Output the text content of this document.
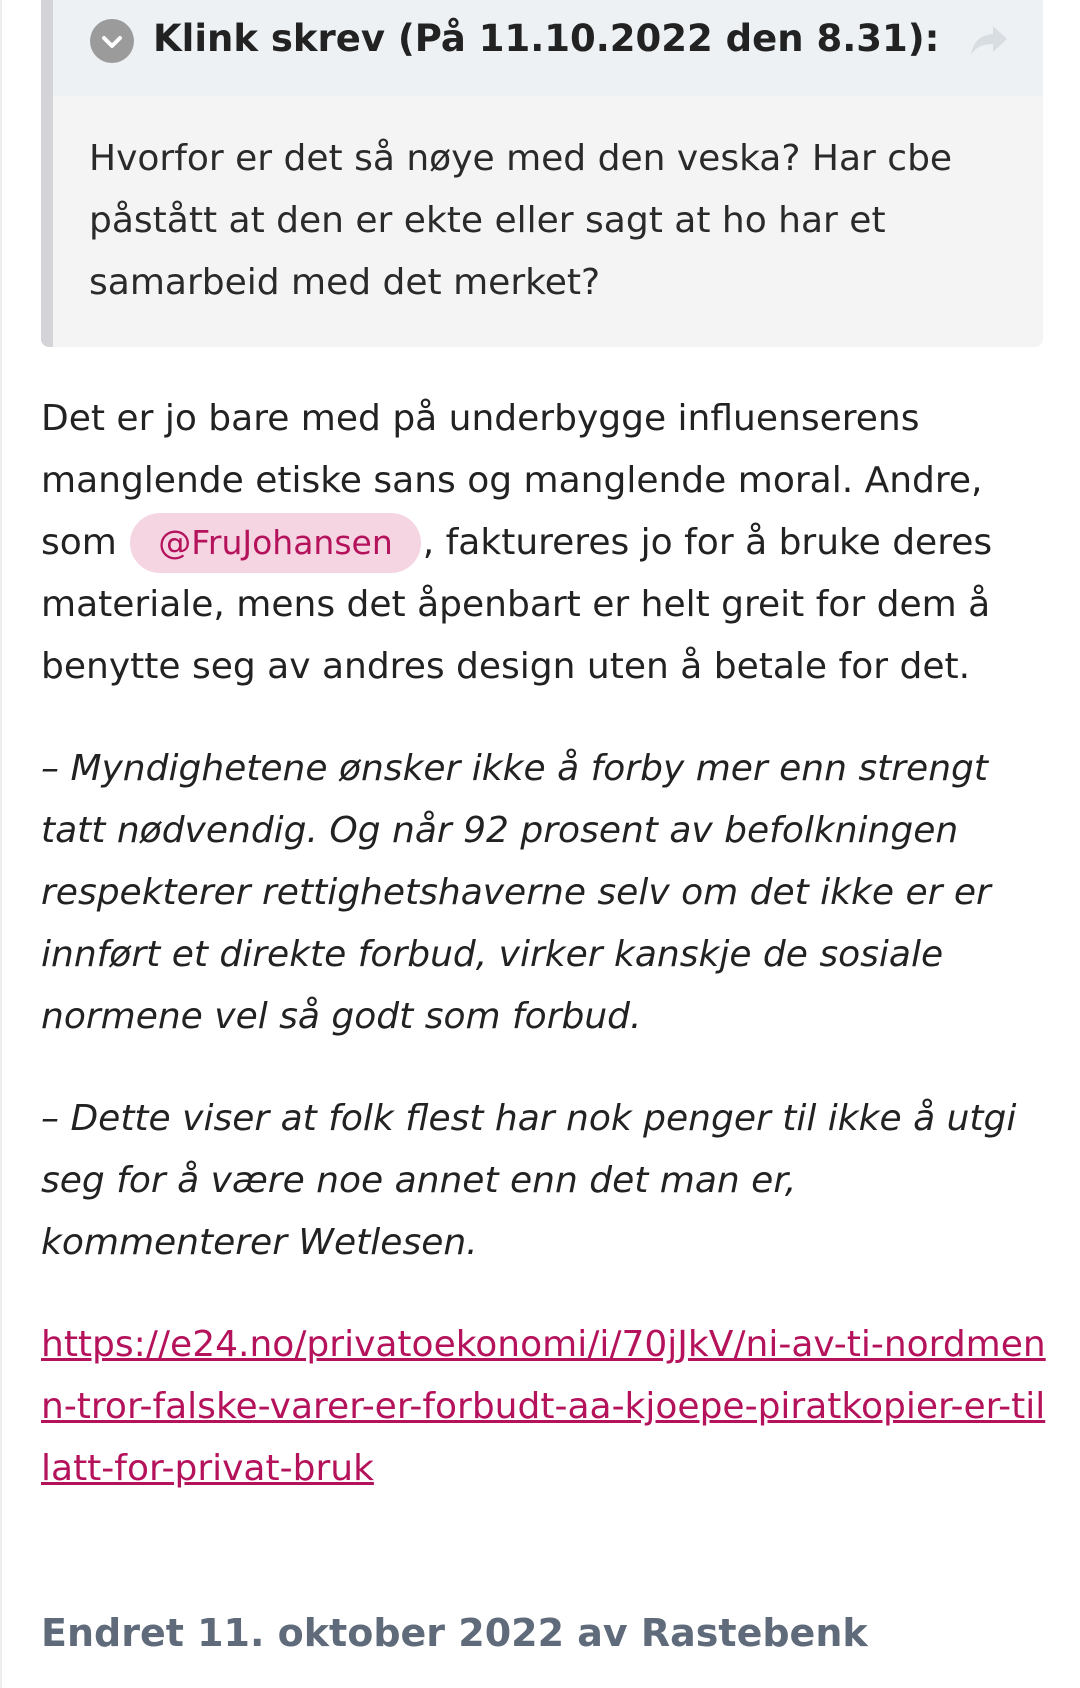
Klink skrev (På 11.10.2022 den 8.31):

Hvorfor er det så nøye med den veska? Har cbe påstått at den er ekte eller sagt at ho har et samarbeid med det merket?

Det er jo bare med på underbygge influenserens manglende etiske sans og manglende moral. Andre, som @FruJohansen , faktureres jo for å bruke deres materiale, mens det åpenbart er helt greit for dem å benytte seg av andres design uten å betale for det.

– Myndighetene ønsker ikke å forby mer enn strengt tatt nødvendig. Og når 92 prosent av befolkningen respekterer rettighetshaverne selv om det ikke er er innført et direkte forbud, virker kanskje de sosiale normene vel så godt som forbud.

– Dette viser at folk flest har nok penger til ikke å utgi seg for å være noe annet enn det man er, kommenterer Wetlesen.

https://e24.no/privatoekonomi/i/70jJkV/ni-av-ti-nordmenn-tror-falske-varer-er-forbudt-aa-kjoepe-piratkopier-er-tillatt-for-privat-bruk

Endret 11. oktober 2022 av Rastebenk
